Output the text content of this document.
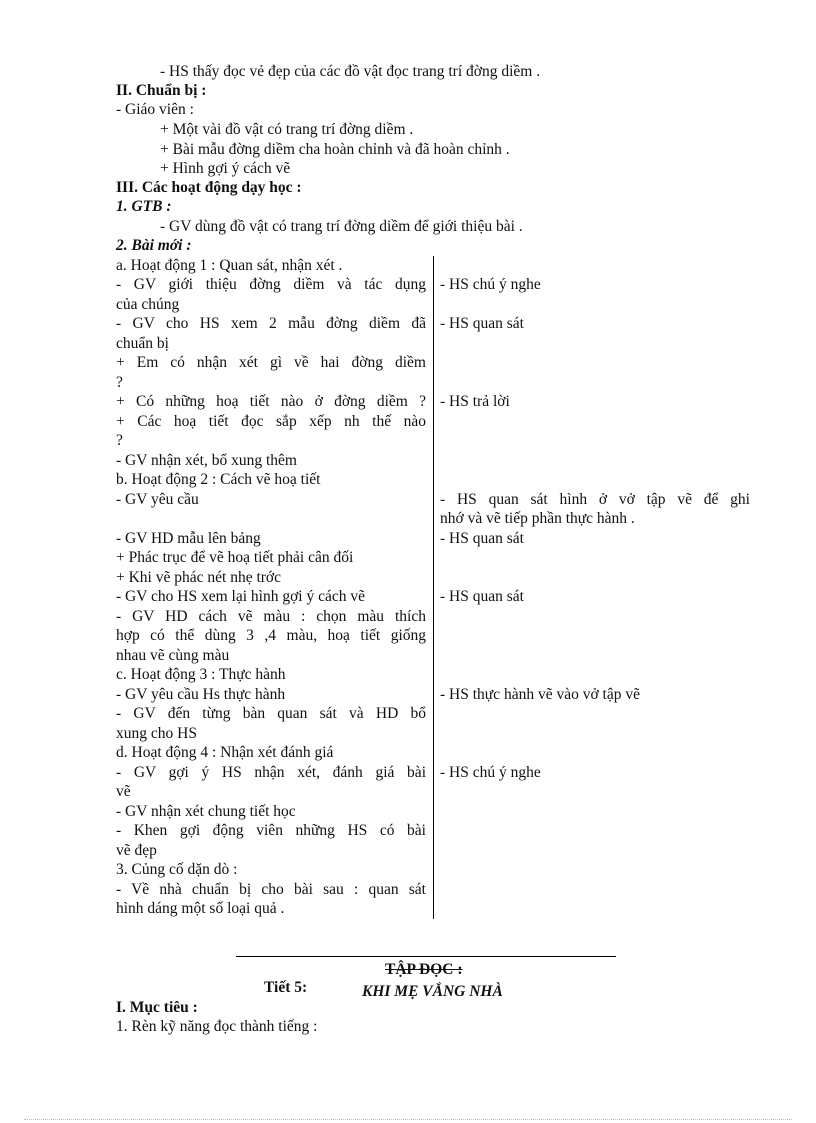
- HS thấy đọc vẻ đẹp của các đồ vật đọc trang trí đờng diềm .
II. Chuẩn bị :
- Giáo viên :
+ Một vài đồ vật có trang trí đờng diềm .
+ Bài mẫu đờng diềm cha hoàn chỉnh và đã hoàn chỉnh .
+ Hình gợi ý cách vẽ
III. Các hoạt động dạy học :
1. GTB :
- GV dùng đồ vật có trang trí đờng diềm để giới thiệu bài .
2. Bài mới :
a. Hoạt động 1 : Quan sát, nhận xét .
- GV giới thiệu đờng diềm và tác dụng
của chúng
- GV cho HS xem 2 mẫu đờng diềm đã
chuẩn bị
+ Em có nhận xét gì về hai đờng diềm
?
+ Có những hoạ tiết nào ở đờng diềm ?
+ Các hoạ tiết đọc sắp xếp nh thế nào
?
- GV nhận xét, bổ xung thêm
b. Hoạt động 2 : Cách vẽ hoạ tiết
- GV yêu cầu
- GV HD mẫu lên bảng
+ Phác trục để vẽ hoạ tiết phải cân đối
+ Khi vẽ phác nét nhẹ trớc
- GV cho HS xem lại hình gợi ý cách vẽ
- GV HD cách vẽ màu : chọn màu thích
hợp có thể dùng 3 ,4 màu, hoạ tiết giống
nhau vẽ cùng màu
c. Hoạt động 3 : Thực hành
- GV yêu cầu Hs thực hành
- GV đến từng bàn quan sát và HD bổ
xung cho HS
d. Hoạt động 4 : Nhận xét đánh giá
- GV gợi ý HS nhận xét, đánh giá bài
vẽ
- GV nhận xét chung tiết học
- Khen gợi động viên những HS có bài
vẽ đẹp
3. Củng cố dặn dò :
- Về nhà chuẩn bị cho bài sau : quan sát
hình dáng một số loại quả .
- HS chú ý nghe
- HS quan sát
- HS trả lời
- HS quan sát hình ở vở tập vẽ để ghi
nhớ và vẽ tiếp phần thực hành .
- HS quan sát
- HS quan sát
- HS thực hành vẽ vào vở tập vẽ
- HS chú ý nghe
TẬP ĐỌC :
Tiết 5:	KHI MẸ VẮNG NHÀ
I. Mục tiêu :
1. Rèn kỹ năng đọc thành tiếng :
